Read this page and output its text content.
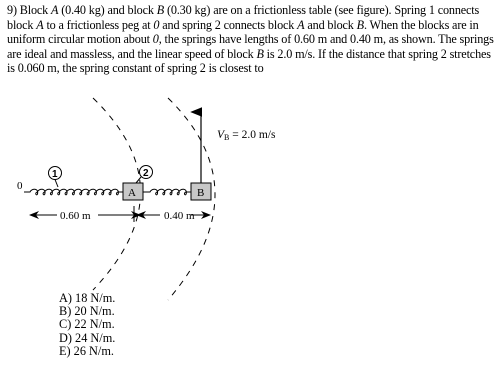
9) Block A (0.40 kg) and block B (0.30 kg) are on a frictionless table (see figure). Spring 1 connects block A to a frictionless peg at 0 and spring 2 connects block A and block B. When the blocks are in uniform circular motion about 0, the springs have lengths of 0.60 m and 0.40 m, as shown. The springs are ideal and massless, and the linear speed of block B is 2.0 m/s. If the distance that spring 2 stretches is 0.060 m, the spring constant of spring 2 is closest to
0
1	2
A	B
VB = 2.0 m/s
0.60 m	0.40 m
A) 18 N/m.
B) 20 N/m.
C) 22 N/m.
D) 24 N/m.
E) 26 N/m.
